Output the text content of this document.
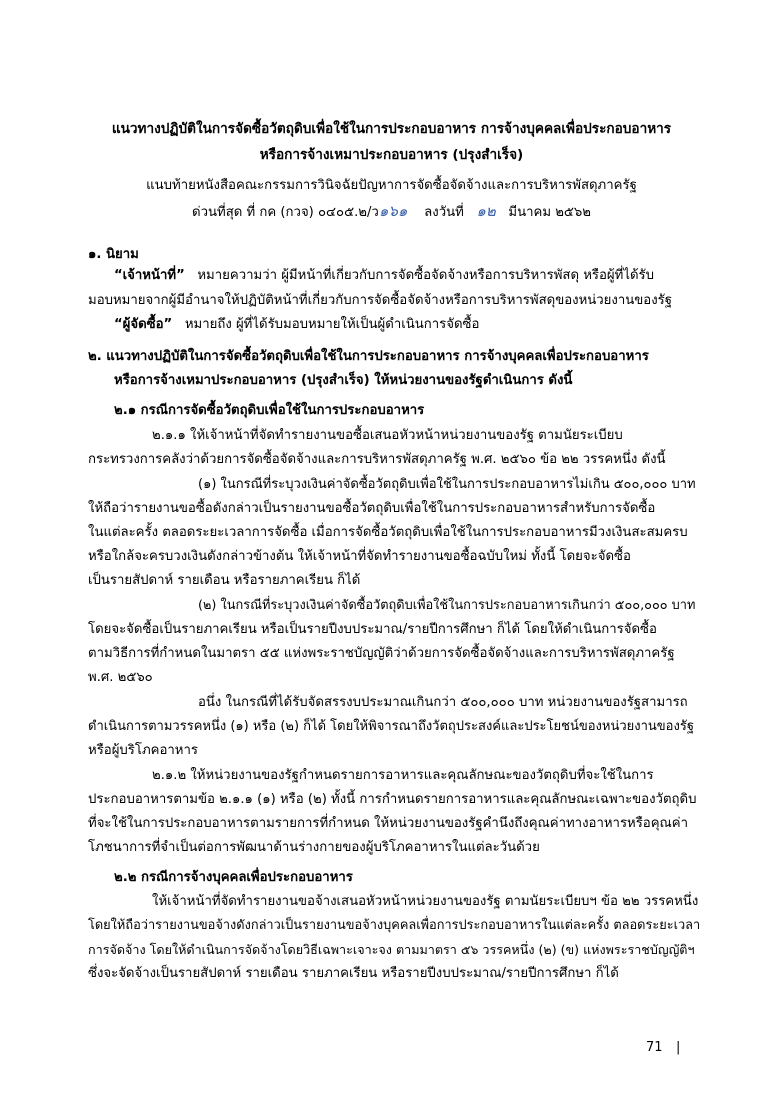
แนวทางปฏิบัติในการจัดซื้อวัตถุดิบเพื่อใช้ในการประกอบอาหาร การจ้างบุคคลเพื่อประกอบอาหาร
หรือการจ้างเหมาประกอบอาหาร (ปรุงสำเร็จ)
แนบท้ายหนังสือคณะกรรมการวินิจฉัยปัญหาการจัดซื้อจัดจ้างและการบริหารพัสดุภาครัฐ
ด่วนที่สุด ที่ กค (กวจ) ๐๔๐๕.๒/ว๑๖๑ ลงวันที่ ๑๒ มีนาคม ๒๕๖๒
๑. นิยาม
“เจ้าหน้าที่” หมายความว่า ผู้มีหน้าที่เกี่ยวกับการจัดซื้อจัดจ้างหรือการบริหารพัสดุ หรือผู้ที่ได้รับ
มอบหมายจากผู้มีอำนาจให้ปฏิบัติหน้าที่เกี่ยวกับการจัดซื้อจัดจ้างหรือการบริหารพัสดุของหน่วยงานของรัฐ
“ผู้จัดซื้อ” หมายถึง ผู้ที่ได้รับมอบหมายให้เป็นผู้ดำเนินการจัดซื้อ
๒. แนวทางปฏิบัติในการจัดซื้อวัตถุดิบเพื่อใช้ในการประกอบอาหาร การจ้างบุคคลเพื่อประกอบอาหาร
หรือการจ้างเหมาประกอบอาหาร (ปรุงสำเร็จ) ให้หน่วยงานของรัฐดำเนินการ ดังนี้
๒.๑ กรณีการจัดซื้อวัตถุดิบเพื่อใช้ในการประกอบอาหาร
๒.๑.๑ ให้เจ้าหน้าที่จัดทำรายงานขอซื้อเสนอหัวหน้าหน่วยงานของรัฐ ตามนัยระเบียบ
กระทรวงการคลังว่าด้วยการจัดซื้อจัดจ้างและการบริหารพัสดุภาครัฐ พ.ศ. ๒๕๖๐ ข้อ ๒๒ วรรคหนึ่ง ดังนี้
(๑) ในกรณีที่ระบุวงเงินค่าจัดซื้อวัตถุดิบเพื่อใช้ในการประกอบอาหารไม่เกิน ๕๐๐,๐๐๐ บาท
ให้ถือว่ารายงานขอซื้อดังกล่าวเป็นรายงานขอซื้อวัตถุดิบเพื่อใช้ในการประกอบอาหารสำหรับการจัดซื้อ
ในแต่ละครั้ง ตลอดระยะเวลาการจัดซื้อ เมื่อการจัดซื้อวัตถุดิบเพื่อใช้ในการประกอบอาหารมีวงเงินสะสมครบ
หรือใกล้จะครบวงเงินดังกล่าวข้างต้น ให้เจ้าหน้าที่จัดทำรายงานขอซื้อฉบับใหม่ ทั้งนี้ โดยจะจัดซื้อ
เป็นรายสัปดาห์ รายเดือน หรือรายภาคเรียน ก็ได้
(๒) ในกรณีที่ระบุวงเงินค่าจัดซื้อวัตถุดิบเพื่อใช้ในการประกอบอาหารเกินกว่า ๕๐๐,๐๐๐ บาท
โดยจะจัดซื้อเป็นรายภาคเรียน หรือเป็นรายปีงบประมาณ/รายปีการศึกษา ก็ได้ โดยให้ดำเนินการจัดซื้อ
ตามวิธีการที่กำหนดในมาตรา ๕๕ แห่งพระราชบัญญัติว่าด้วยการจัดซื้อจัดจ้างและการบริหารพัสดุภาครัฐ
พ.ศ. ๒๕๖๐
อนึ่ง ในกรณีที่ได้รับจัดสรรงบประมาณเกินกว่า ๕๐๐,๐๐๐ บาท หน่วยงานของรัฐสามารถ
ดำเนินการตามวรรคหนึ่ง (๑) หรือ (๒) ก็ได้ โดยให้พิจารณาถึงวัตถุประสงค์และประโยชน์ของหน่วยงานของรัฐ
หรือผู้บริโภคอาหาร
๒.๑.๒ ให้หน่วยงานของรัฐกำหนดรายการอาหารและคุณลักษณะของวัตถุดิบที่จะใช้ในการ
ประกอบอาหารตามข้อ ๒.๑.๑ (๑) หรือ (๒) ทั้งนี้ การกำหนดรายการอาหารและคุณลักษณะเฉพาะของวัตถุดิบ
ที่จะใช้ในการประกอบอาหารตามรายการที่กำหนด ให้หน่วยงานของรัฐคำนึงถึงคุณค่าทางอาหารหรือคุณค่า
โภชนาการที่จำเป็นต่อการพัฒนาด้านร่างกายของผู้บริโภคอาหารในแต่ละวันด้วย
๒.๒ กรณีการจ้างบุคคลเพื่อประกอบอาหาร
ให้เจ้าหน้าที่จัดทำรายงานขอจ้างเสนอหัวหน้าหน่วยงานของรัฐ ตามนัยระเบียบฯ ข้อ ๒๒ วรรคหนึ่ง
โดยให้ถือว่ารายงานขอจ้างดังกล่าวเป็นรายงานขอจ้างบุคคลเพื่อการประกอบอาหารในแต่ละครั้ง ตลอดระยะเวลา
การจัดจ้าง โดยให้ดำเนินการจัดจ้างโดยวิธีเฉพาะเจาะจง ตามมาตรา ๕๖ วรรคหนึ่ง (๒) (ข) แห่งพระราชบัญญัติฯ
ซึ่งจะจัดจ้างเป็นรายสัปดาห์ รายเดือน รายภาคเรียน หรือรายปีงบประมาณ/รายปีการศึกษา ก็ได้
71 |
